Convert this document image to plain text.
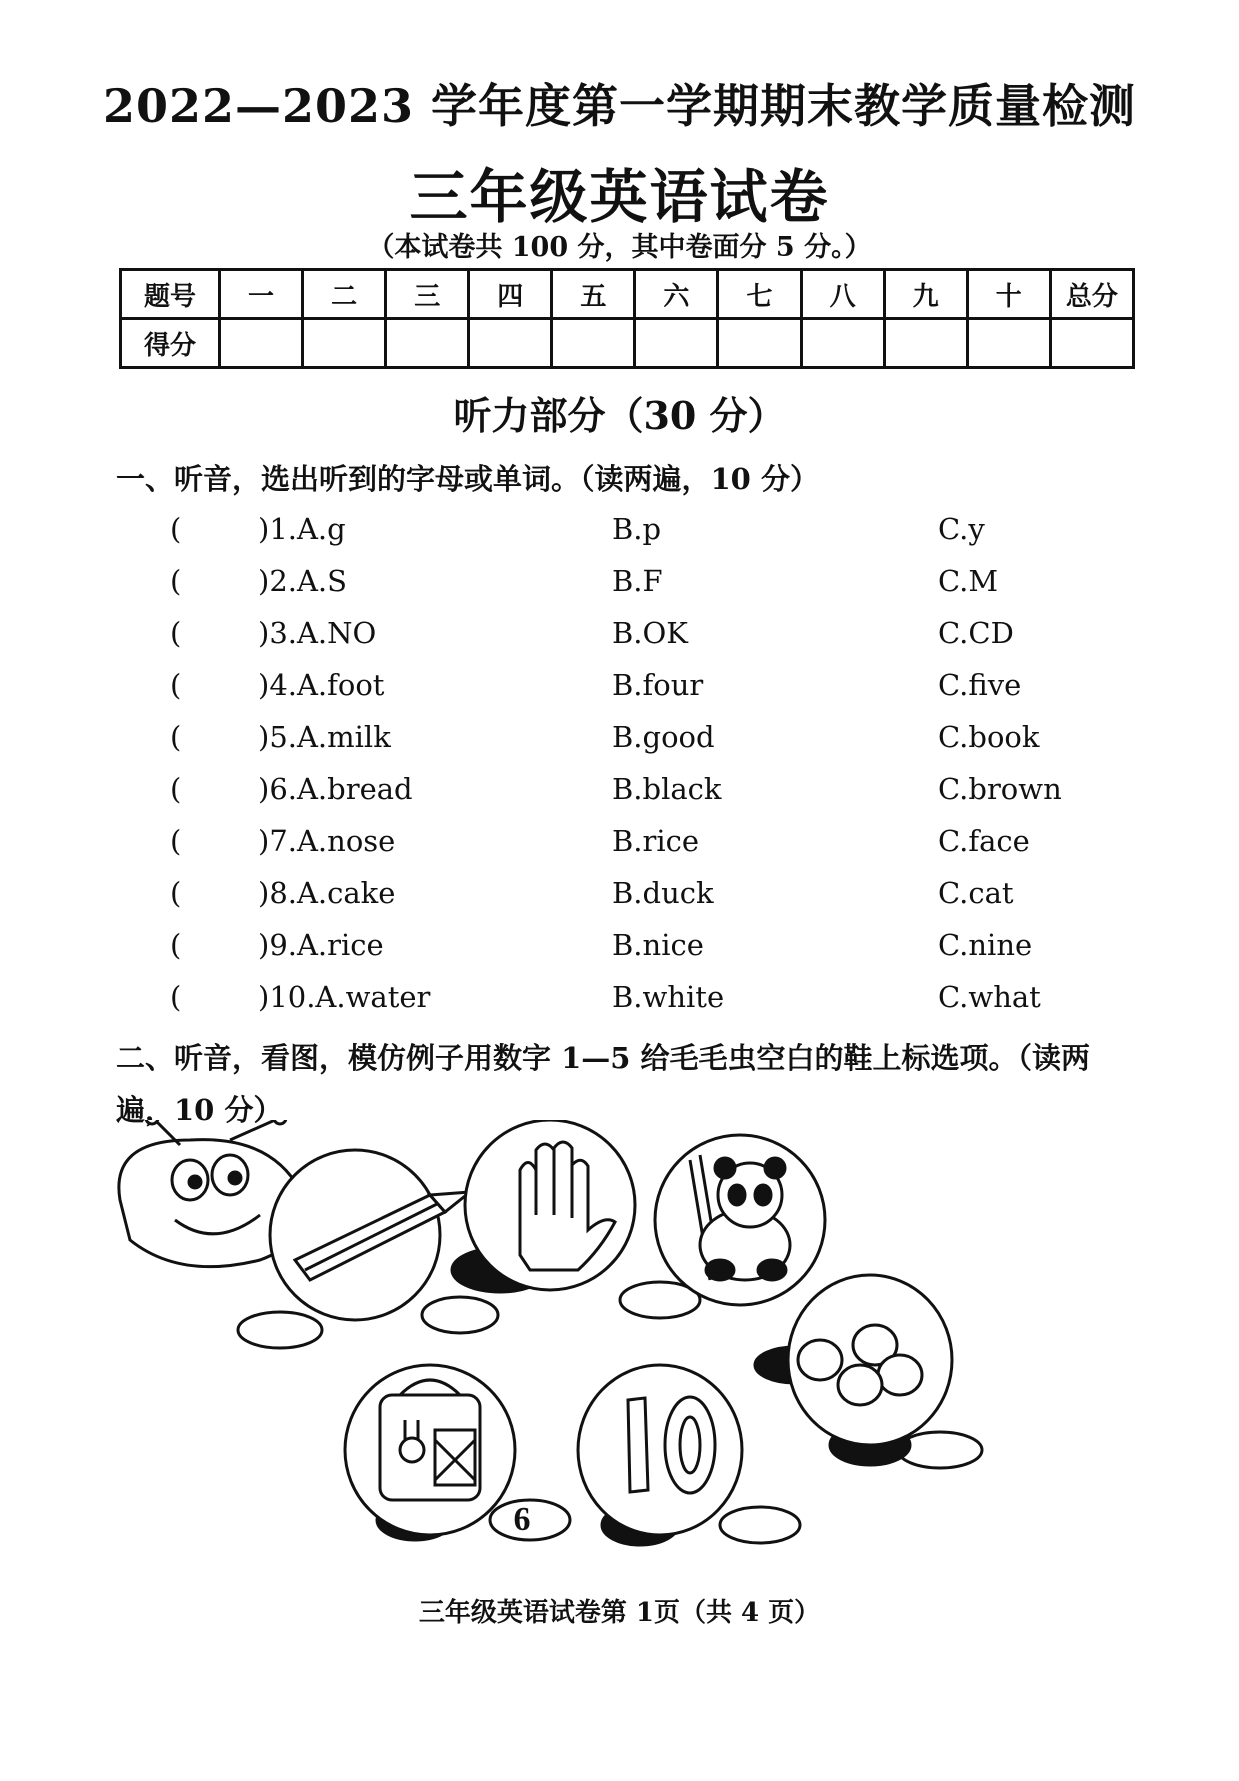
2022—2023 学年度第一学期期末教学质量检测
三年级英语试卷
（本试卷共 100 分，其中卷面分 5 分。）
题号	一	二	三	四	五	六	七	八	九	十	总分
得分											
听力部分（30 分）
一、听音，选出听到的字母或单词。（读两遍，10 分）
(	)1.A.g	B.p	C.y
(	)2.A.S	B.F	C.M
(	)3.A.NO	B.OK	C.CD
(	)4.A.foot	B.four	C.five
(	)5.A.milk	B.good	C.book
(	)6.A.bread	B.black	C.brown
(	)7.A.nose	B.rice	C.face
(	)8.A.cake	B.duck	C.cat
(	)9.A.rice	B.nice	C.nine
(	)10.A.water	B.white	C.what
二、听音，看图，模仿例子用数字 1—5 给毛毛虫空白的鞋上标选项。（读两遍，10 分）
10
6
三年级英语试卷第 1页（共 4 页）
